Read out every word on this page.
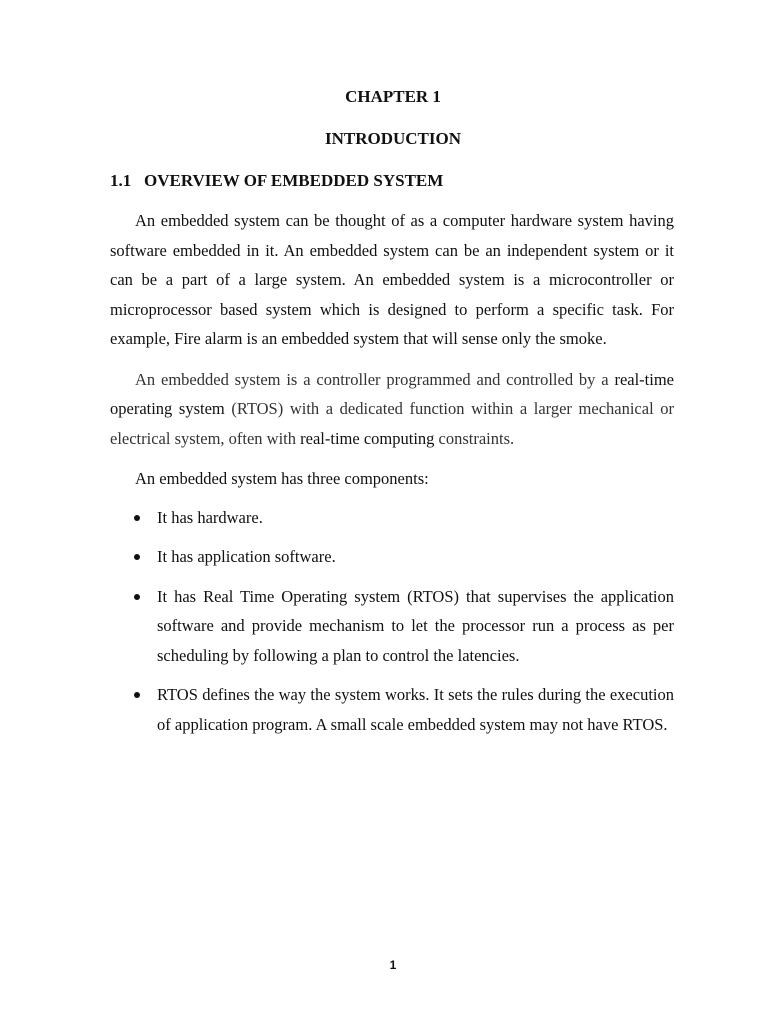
CHAPTER 1
INTRODUCTION
1.1 OVERVIEW OF EMBEDDED SYSTEM

An embedded system can be thought of as a computer hardware system having software embedded in it. An embedded system can be an independent system or it can be a part of a large system. An embedded system is a microcontroller or microprocessor based system which is designed to perform a specific task. For example, Fire alarm is an embedded system that will sense only the smoke.

An embedded system is a controller programmed and controlled by a real-time operating system (RTOS) with a dedicated function within a larger mechanical or electrical system, often with real-time computing constraints.

An embedded system has three components:

It has hardware.
It has application software.
It has Real Time Operating system (RTOS) that supervises the application software and provide mechanism to let the processor run a process as per scheduling by following a plan to control the latencies.
RTOS defines the way the system works. It sets the rules during the execution of application program. A small scale embedded system may not have RTOS.
1
